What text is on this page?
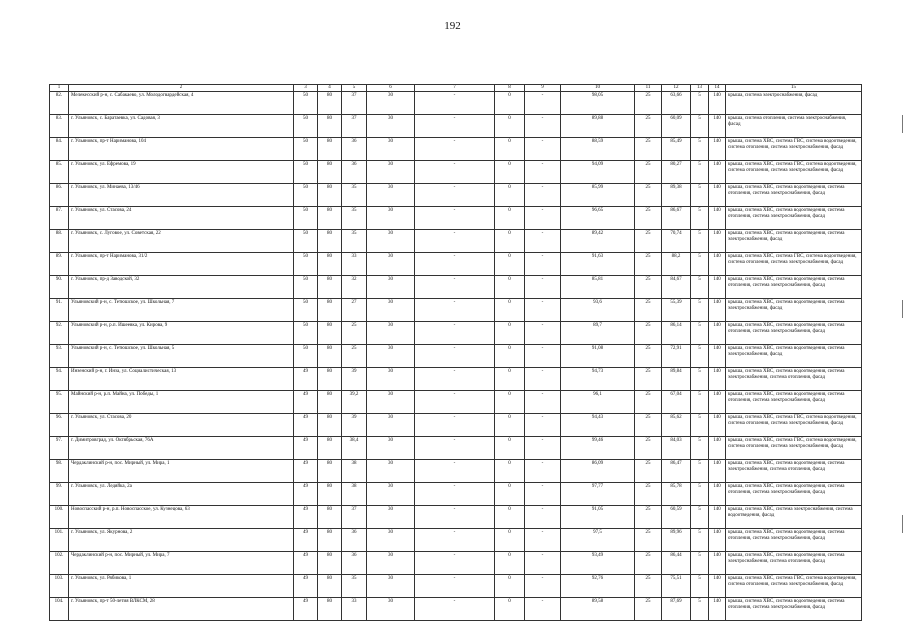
192
1	2	3	4	5	6	7	8	9	10	11	12	13	14	15
82.	Мелекесский р-н, с. Сабакаево, ул. Молодогвардейская, 4	50	80	37	30	-	0	-	98,05	25	63,66	5	140	крыша, система электроснабжения, фасад
83.	г. Ульяновск, с. Баратаевка, ул. Садовая, 3	50	80	37	30	-	0	-	89,88	25	60,09	5	140	крыша, система отопления, система электроснабжения, фасад
84.	г. Ульяновск, пр-т Нариманова, 104	50	80	36	30	-	0	-	88,59	25	85,49	5	140	крыша, система ХВС, система ГВС, система водоотведения, система отопления, система электроснабжения, фасад
85.	г. Ульяновск, ул. Ефремова, 19	50	80	36	30	-	0	-	94,09	25	80,27	5	140	крыша, система ХВС, система ГВС, система водоотведения, система отопления, система электроснабжения, фасад
86.	г. Ульяновск, ул. Минаева, 13/46	50	80	35	30	-	0	-	85,99	25	89,38	5	140	крыша, система ХВС, система водоотведения, система отопления, система электроснабжения, фасад
87.	г. Ульяновск, ул. Стасова, 24	50	80	35	30	-	0	-	96,65	25	86,67	5	140	крыша, система ХВС, система водоотведения, система отопления, система электроснабжения, фасад
88.	г. Ульяновск, с. Луговое, ул. Советская, 22	50	80	35	30	-	0	-	89,42	25	70,74	5	140	крыша, система ХВС, система водоотведения, система электроснабжения, фасад
89.	г. Ульяновск, пр-т Нариманова, 31/2	50	80	33	30	-	0	-	91,63	25	88,2	5	140	крыша, система ХВС, система ГВС, система водоотведения, система отопления, система электроснабжения, фасад
90.	г. Ульяновск, пр-д Заводской, 32	50	80	32	30	-	0	-	85,81	25	84,67	5	140	крыша, система ХВС, система водоотведения, система отопления, система электроснабжения, фасад
91.	Ульяновский р-н, с. Тетюшское, ул. Школьная, 7	50	80	27	30	-	0	-	93,6	25	55,39	5	140	крыша, система ХВС, система водоотведения, система электроснабжения, фасад
92.	Ульяновский р-н, р.п. Ишеевка, ул. Кирова, 9	50	80	25	30	-	0	-	89,7	25	86,14	5	140	крыша, система ХВС, система водоотведения, система отопления, система электроснабжения, фасад
93.	Ульяновский р-н, с. Тетюшское, ул. Школьная, 5	50	80	25	30	-	0	-	91,08	25	72,91	5	140	крыша, система ХВС, система водоотведения, система электроснабжения, фасад
94.	Инзенский р-н, г. Инза, ул. Социалистическая, 13	49	80	39	30	-	0	-	94,73	25	89,84	5	140	крыша, система ХВС, система водоотведения, система электроснабжения, система отопления, фасад
95.	Майнский р-н, р.п. Майна, ул. Победы, 1	49	80	39,2	30	-	0	-	96,1	25	67,04	5	140	крыша, система ХВС, система водоотведения, система отопления, система электроснабжения, фасад
96.	г. Ульяновск, ул. Стасова, 20	49	80	39	30	-	0	-	94,43	25	85,62	5	140	крыша, система ХВС, система ГВС, система водоотведения, система отопления, система электроснабжения, фасад
97.	г. Димитровград, ул. Октябрьская, 76А	49	80	38,4	30	-	0	-	99,46	25	84,03	5	140	крыша, система ХВС, система ГВС, система водоотведения, система отопления, система электроснабжения, фасад
98.	Чердаклинский р-н, пос. Мирный, ул. Мира, 1	49	80	38	30	-	0	-	86,09	25	86,47	5	140	крыша, система ХВС, система водоотведения, система электроснабжения, система отопления, фасад
99.	г. Ульяновск, ул. Ледяйка, 2а	49	80	38	30	-	0	-	97,77	25	85,78	5	140	крыша, система ХВС, система водоотведения, система отопления, система электроснабжения, фасад
100.	Новоспасский р-н, р.п. Новоспасское, ул. Кузнецова, 63	49	80	37	30	-	0	-	91,05	25	60,59	5	140	крыша, система ХВС, система электроснабжения, система водоотведения, фасад
101.	г. Ульяновск, ул. Якурнова, 2	49	80	36	30	-	0	-	97,5	25	89,96	5	140	крыша, система ХВС, система водоотведения, система отопления, система электроснабжения, фасад
102.	Чердаклинский р-н, пос. Мирный, ул. Мира, 7	49	80	36	30	-	0	-	93,49	25	86,44	5	140	крыша, система ХВС, система водоотведения, система электроснабжения, система отопления, фасад
103.	г. Ульяновск, ул. Рябикова, 1	49	80	35	30	-	0	-	92,76	25	75,51	5	140	крыша, система ХВС, система ГВС, система водоотведения, система отопления, система электроснабжения, фасад
104.	г. Ульяновск, пр-т 50-летия ВЛКСМ, 28	49	80	33	30	-	0	-	89,58	25	87,69	5	140	крыша, система ХВС, система водоотведения, система отопления, система электроснабжения, фасад
